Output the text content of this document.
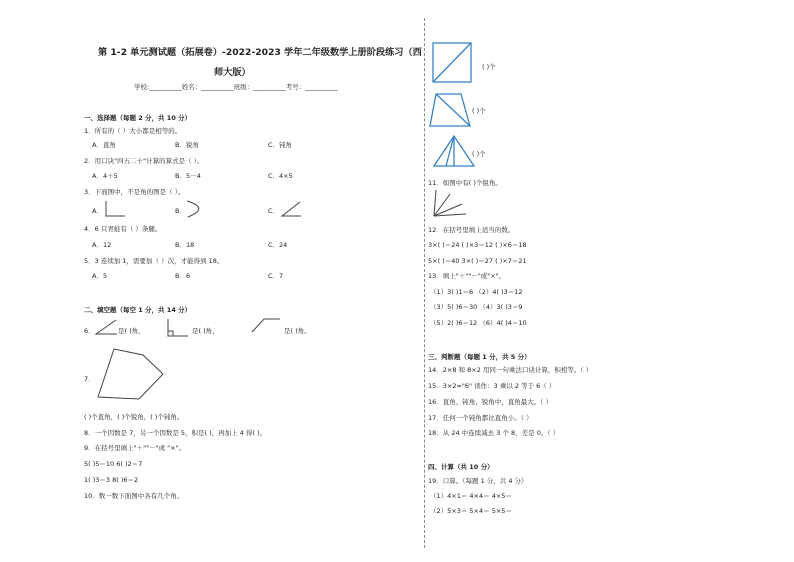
第 1-2 单元测试题（拓展卷）-2022-2023 学年二年级数学上册阶段练习（西
师大版）
学校:__________姓名：__________班级：__________考号：__________
一、选择题（每题 2 分，共 10 分）
1．所有的（ ）大小都是相等的。
A．直角	B．锐角	C．钝角
2．用口诀"四五二十"计算的算式是（ ）。
A．4＋5	B．5－4	C．4×5
3．下面图中，不是角的图是（ ）。
A．	B．	C．
4．6 只青蛙有（ ）条腿。
A．12	B．18	C．24
5．3 连续加 1，需要加（ ）次，才能得到 18。
A．5	B．6	C．7
二、填空题（每空 1 分，共 14 分）
6．	是( )角，	是( )角，	是( )角。
7．
( )个直角，( )个锐角，( )个钝角。
8．一个因数是 7，另一个因数是 5，积是( )，再加上 4 得( )。
9．在括号里填上"＋""－"或 "×"。
5( )5＝10 6( )2＝7
1( )3＝3 8( )6＝2
10．数一数下面图中各有几个角。
( )个
( )个
( )个
11．如图中有( )个锐角。
12．在括号里填上适当的数。
3×( )＝24 ( )×3＝12 ( )×6＝18
5×( )＝40 3×( )＝27 ( )×7＝21
13．填上"＋""－"或"×"。
（1）3( )1＝6 （2）4( )3＝12
（3）5( )6＝30 （4）3( )3＝9
（5）2( )6＝12 （6）4( )4＝10
三、判断题（每题 1 分，共 5 分）
14．2×8 和 8×2 用同一句乘法口诀计算，积相等。（ ）
15．3×2="6" 读作：3 乘以 2 等于 6（ ）
16．直角、钝角、锐角中，直角最大。（ ）
17．任何一个钝角都比直角小。（ ）
18．从 24 中连续减去 3 个 8，差是 0。（ ）
四、计算（共 10 分）
19．口算。（每题 1 分，共 4 分）
（1）4×1＝ 4×4＝ 4×5＝
（2）5×3＝ 5×4＝ 5×5＝
